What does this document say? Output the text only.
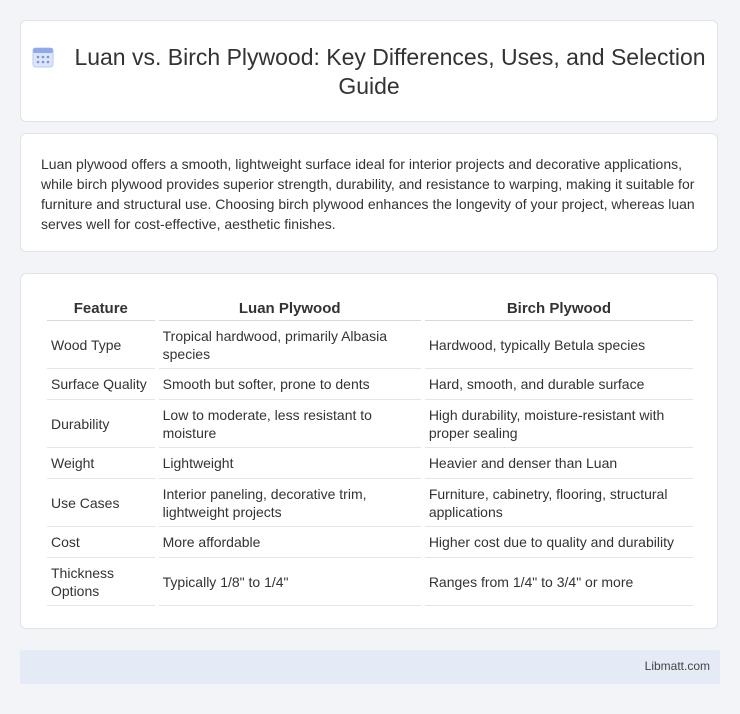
Luan vs. Birch Plywood: Key Differences, Uses, and Selection Guide

Luan plywood offers a smooth, lightweight surface ideal for interior projects and decorative applications, while birch plywood provides superior strength, durability, and resistance to warping, making it suitable for furniture and structural use. Choosing birch plywood enhances the longevity of your project, whereas luan serves well for cost-effective, aesthetic finishes.

Feature	Luan Plywood	Birch Plywood
Wood Type	Tropical hardwood, primarily Albasia species	Hardwood, typically Betula species
Surface Quality	Smooth but softer, prone to dents	Hard, smooth, and durable surface
Durability	Low to moderate, less resistant to moisture	High durability, moisture-resistant with proper sealing
Weight	Lightweight	Heavier and denser than Luan
Use Cases	Interior paneling, decorative trim, lightweight projects	Furniture, cabinetry, flooring, structural applications
Cost	More affordable	Higher cost due to quality and durability
Thickness Options	Typically 1/8" to 1/4"	Ranges from 1/4" to 3/4" or more
Libmatt.com
